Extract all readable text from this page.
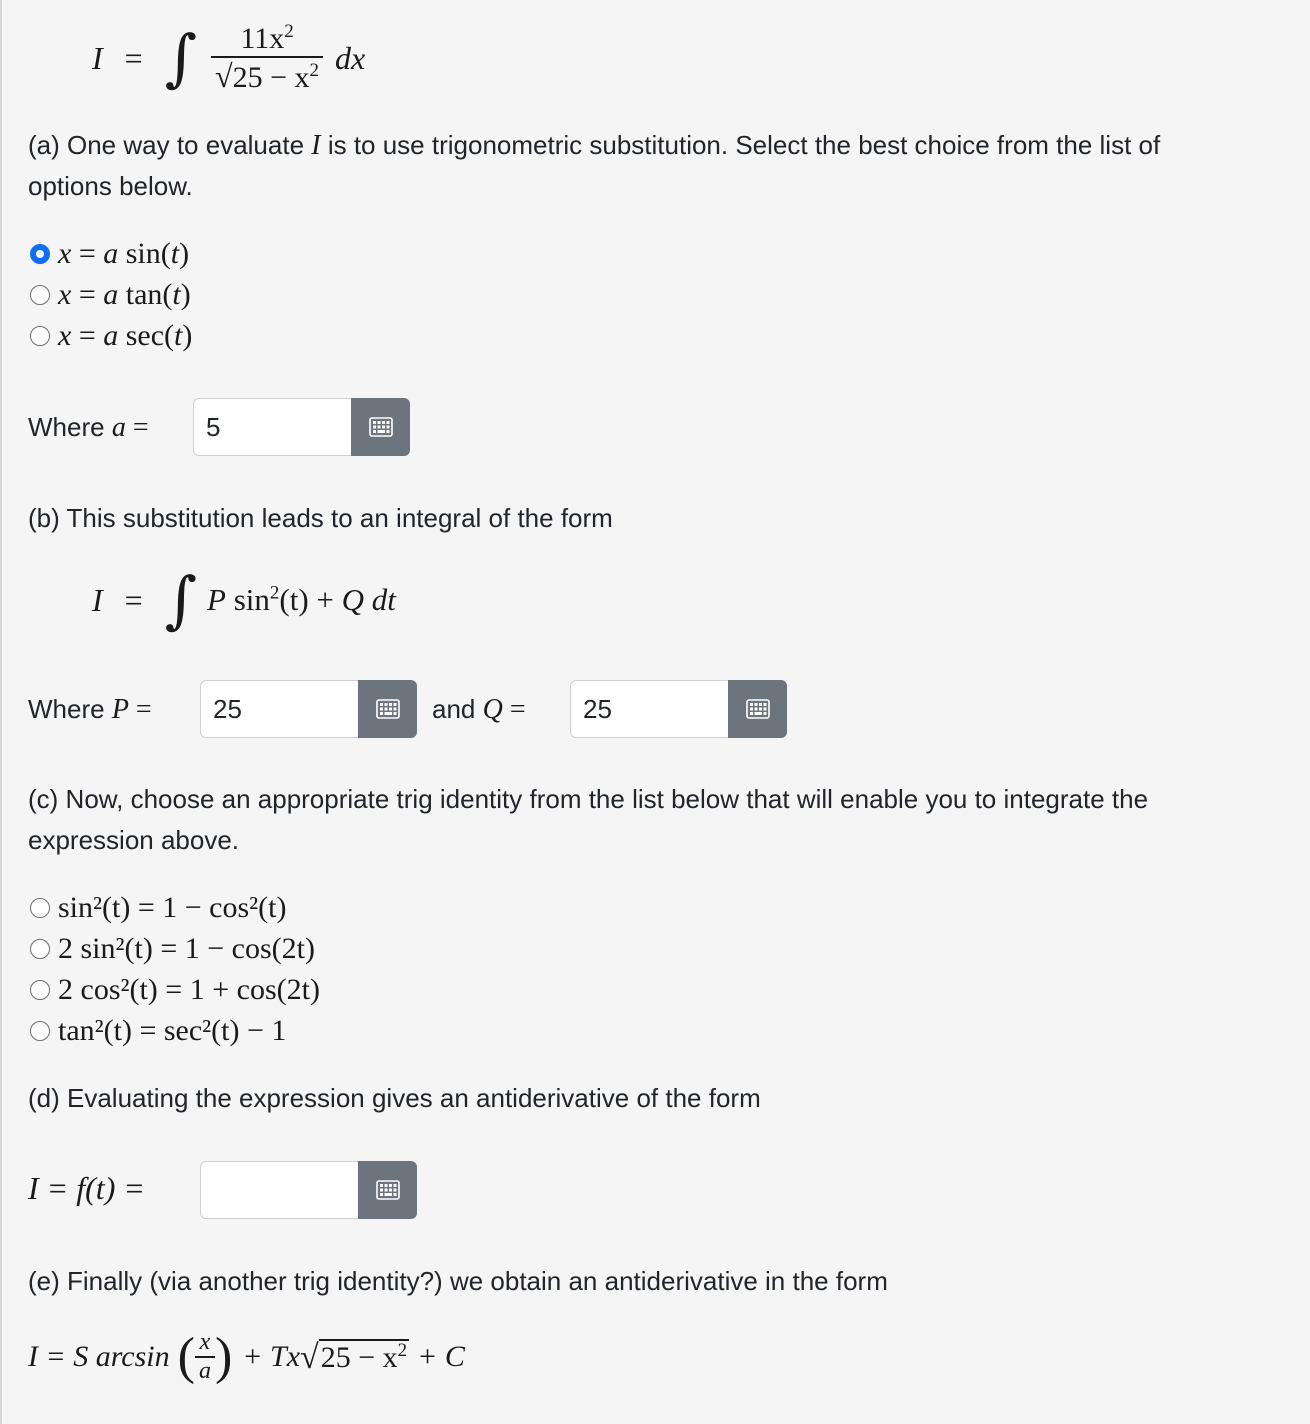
I = ∫ $\frac{11x^2}{√25 - x^2}$ dx
(a) One way to evaluate I is to use trigonometric substitution. Select the best choice from the list of
options below.
x = a sin(t)
x = a tan(t)
x = a sec(t)
Where a =
5
(b) This substitution leads to an integral of the form
I = ∫ P $\sin^2(t) + Q$ dt
Where P =
25	and Q =
25
(c) Now, choose an appropriate trig identity from the list below that will enable you to integrate the
expression above.
sin²(t) = 1 − cos²(t)
2 sin²(t) = 1 − cos(2t)
2 cos²(t) = 1 + cos(2t)
tan²(t) = sec²(t) − 1
(d) Evaluating the expression gives an antiderivative of the form
I = f(t) =
(e) Finally (via another trig identity?) we obtain an antiderivative in the form
I = S arcsin ( $\frac{x}{a}$ ) + Tx √ $25 - x^2 + C$
